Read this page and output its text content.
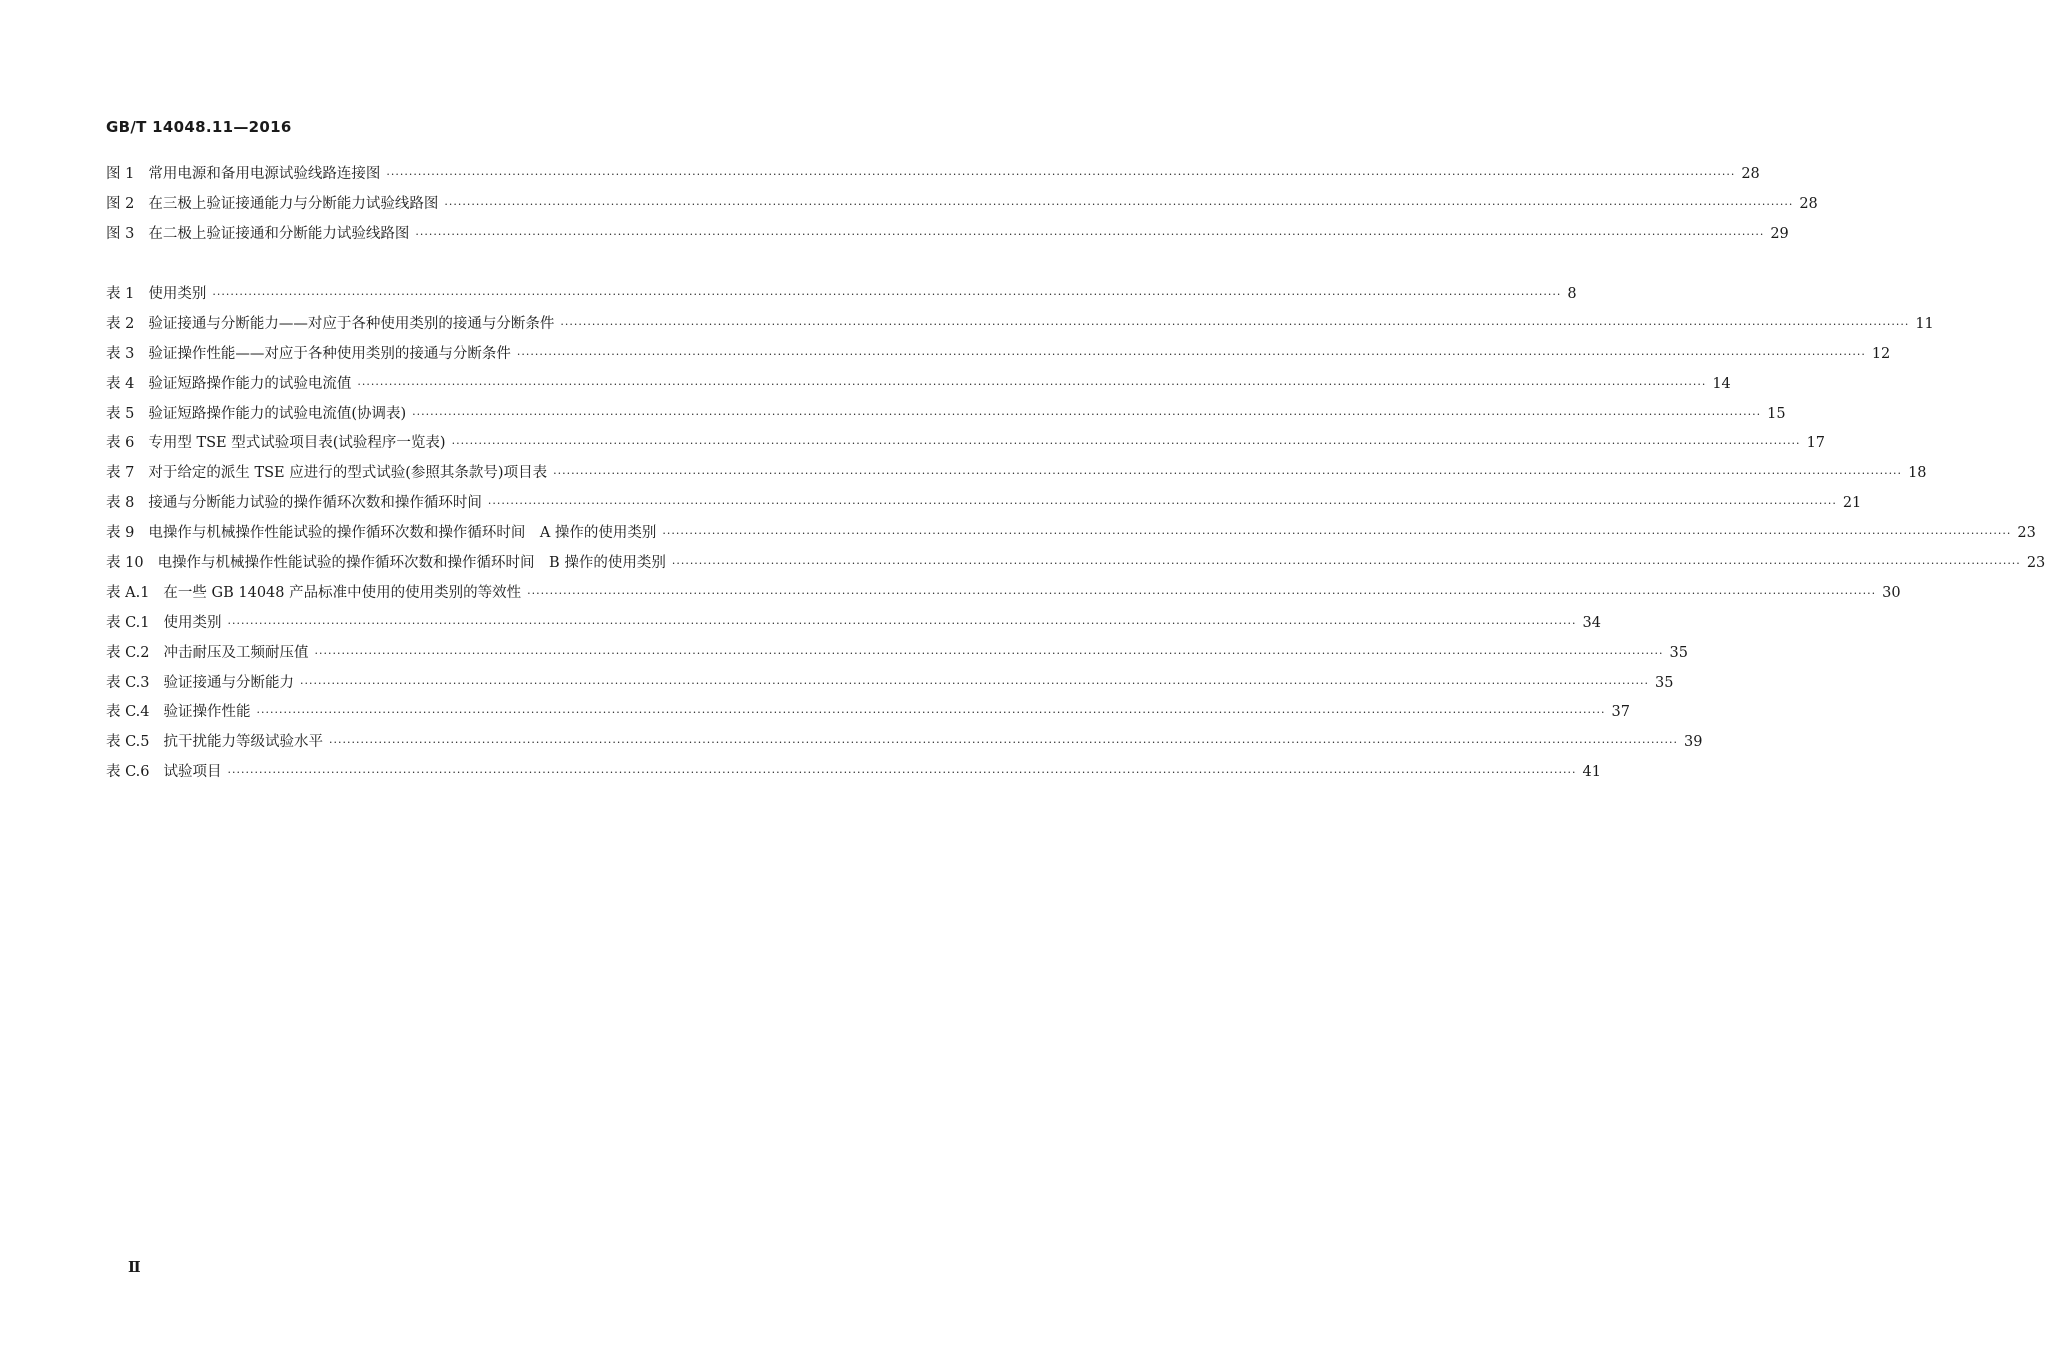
GB/T 14048.11—2016
图 1 常用电源和备用电源试验线路连接图 ············································································································································································································································································································ 28
图 2 在三极上验证接通能力与分断能力试验线路图 ············································································································································································································································································································ 28
图 3 在二极上验证接通和分断能力试验线路图 ············································································································································································································································································································ 29
表 1 使用类别 ············································································································································································································································································································ 8
表 2 验证接通与分断能力——对应于各种使用类别的接通与分断条件 ············································································································································································································································································································ 11
表 3 验证操作性能——对应于各种使用类别的接通与分断条件 ············································································································································································································································································································ 12
表 4 验证短路操作能力的试验电流值 ············································································································································································································································································································ 14
表 5 验证短路操作能力的试验电流值(协调表) ············································································································································································································································································································ 15
表 6 专用型 TSE 型式试验项目表(试验程序一览表) ············································································································································································································································································································ 17
表 7 对于给定的派生 TSE 应进行的型式试验(参照其条款号)项目表 ············································································································································································································································································································ 18
表 8 接通与分断能力试验的操作循环次数和操作循环时间 ············································································································································································································································································································ 21
表 9 电操作与机械操作性能试验的操作循环次数和操作循环时间　A 操作的使用类别 ············································································································································································································································································································ 23
表 10 电操作与机械操作性能试验的操作循环次数和操作循环时间　B 操作的使用类别 ············································································································································································································································································································ 23
表 A.1 在一些 GB 14048 产品标准中使用的使用类别的等效性 ············································································································································································································································································································ 30
表 C.1 使用类别 ············································································································································································································································································································ 34
表 C.2 冲击耐压及工频耐压值 ············································································································································································································································································································ 35
表 C.3 验证接通与分断能力 ············································································································································································································································································································ 35
表 C.4 验证操作性能 ············································································································································································································································································································ 37
表 C.5 抗干扰能力等级试验水平 ············································································································································································································································································································ 39
表 C.6 试验项目 ············································································································································································································································································································ 41
Ⅱ
